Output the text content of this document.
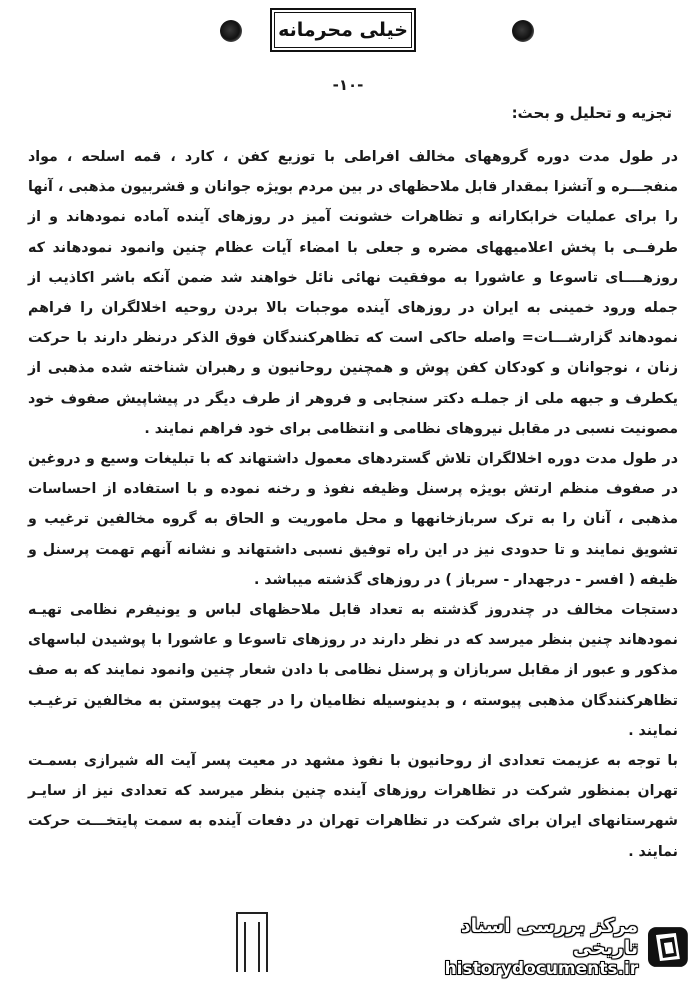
خیلی محرمانه
-۱۰-
تجزیه و تحلیل و بحث:

در طول مدت دوره گروههای مخالف افراطی با توزیع کفن ، کارد ، قمه اسلحه ، مواد منفجـــره و آتشزا بمقدار قابل ملاحظهای در بین مردم بویژه جوانان و قشربیون مذهبی ، آنها را برای عملیات خرابکارانه و تظاهرات خشونت آمیز در روزهای آینده آماده نمودهاند و از طرفــی با پخش اعلامیههای مضره و جعلی با امضاء آیات عظام چنین وانمود نمودهاند که روزهــــای تاسوعا و عاشورا به موفقیت نهائی نائل خواهند شد ضمن آنکه باشر اکاذیب از جمله ورود خمینی به ایران در روزهای آینده موجبات بالا بردن روحیه اخلالگران را فراهم نمودهاند گزارشـــات= واصله حاکی است که تظاهرکنندگان فوق الذکر درنظر دارند با حرکت زنان ، نوجوانان و کودکان کفن پوش و همچنین روحانیون و رهبران شناخته شده مذهبی از یکطرف و جبهه ملی از جملـه دکتر سنجابی و فروهر از طرف دیگر در پیشاپیش صفوف خود مصونیت نسبی در مقابل نیروهای نظامی و انتظامی برای خود فراهم نمایند .

در طول مدت دوره اخلالگران تلاش گستردهای معمول داشتهاند که با تبلیغات وسیع و دروغین در صفوف منظم ارتش بویژه پرسنل وظیفه نفوذ و رخنه نموده و با استفاده از احساسات مذهبی ، آنان را به ترک سربازخانهها و محل ماموریت و الحاق به گروه مخالفین ترغیب و تشویق نمایند و تا حدودی نیز در این راه توفیق نسبی داشتهاند و نشانه آنهم تهمت پرسنل و ظیفه ( افسر - درجهدار - سرباز ) در روزهای گذشته میباشد .

دستجات مخالف در چندروز گذشته به تعداد قابل ملاحظهای لباس و یونیفرم نظامی تهیـه نمودهاند چنین بنظر میرسد که در نظر دارند در روزهای تاسوعا و عاشورا با پوشیدن لباسهای مذکور و عبور از مقابل سربازان و پرسنل نظامی با دادن شعار چنین وانمود نمایند که به صف تظاهرکنندگان مذهبی پیوسته ، و بدینوسیله نظامیان را در جهت پیوستن به مخالفین ترغیـب نمایند .

با توجه به عزیمت تعدادی از روحانیون با نفوذ مشهد در معیت پسر آیت اله شیرازی بسمـت تهران بمنظور شرکت در تظاهرات روزهای آینده چنین بنظر میرسد که تعدادی نیز از سایـر شهرستانهای ایران برای شرکت در تظاهرات تهران در دفعات آینده به سمت پایتخـــت حرکت نمایند .

مرکز بررسی اسناد تاریخی
historydocuments.ir
